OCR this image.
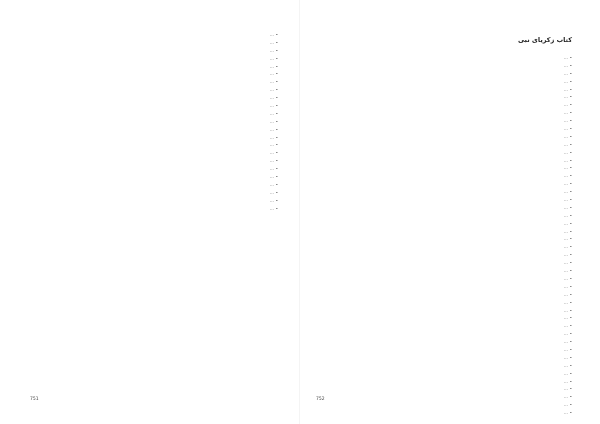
•…
•…
•…
•…
•…
•…
•…
•…
•…
•…
•…
•…
•…
•…
•…
•…
•…
•…
•…
•…
•…
•…
•…
751
کتاب زکریای نبی
•…
•…
•…
•…
•…
•…
•…
•…
•…
•…
•…
•…
•…
•…
•…
•…
•…
•…
•…
•…
•…
•…
•…
•…
•…
•…
•…
•…
•…
•…
•…
•…
•…
•…
•…
•…
•…
•…
•…
•…
•…
•…
•…
•…
•…
•…
752
